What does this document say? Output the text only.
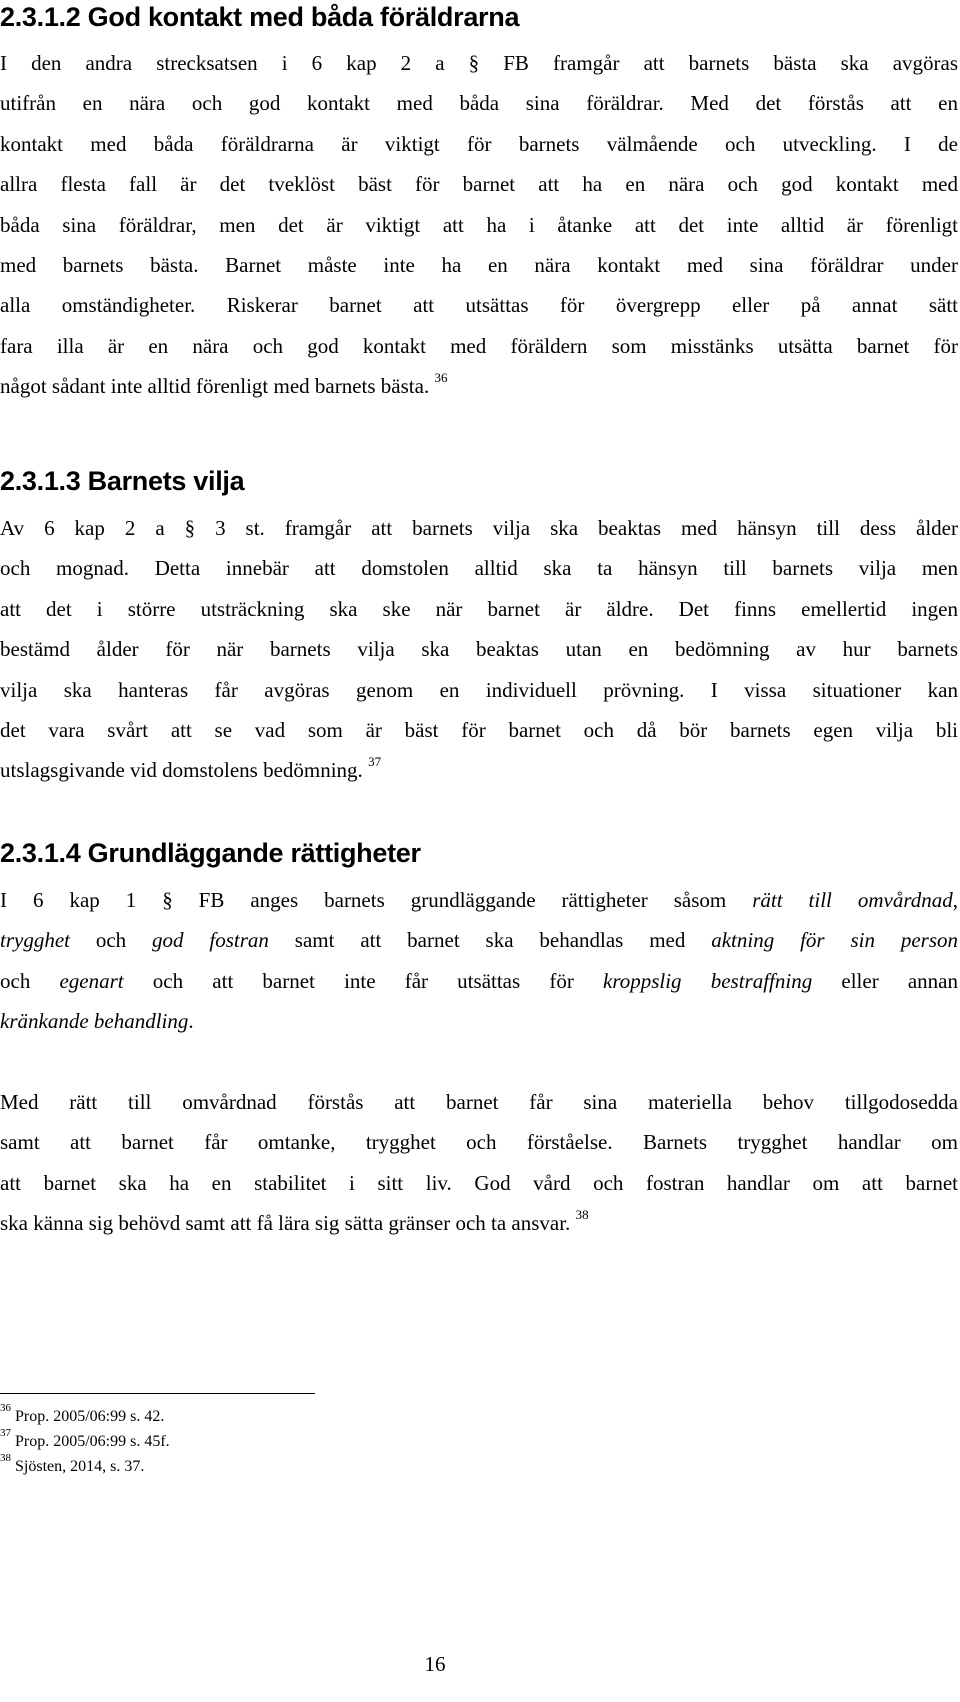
2.3.1.2 God kontakt med båda föräldrarna
I den andra strecksatsen i 6 kap 2 a § FB framgår att barnets bästa ska avgöras
utifrån en nära och god kontakt med båda sina föräldrar. Med det förstås att en
kontakt med båda föräldrarna är viktigt för barnets välmående och utveckling. I de
allra flesta fall är det tveklöst bäst för barnet att ha en nära och god kontakt med
båda sina föräldrar, men det är viktigt att ha i åtanke att det inte alltid är förenligt
med barnets bästa. Barnet måste inte ha en nära kontakt med sina föräldrar under
alla omständigheter. Riskerar barnet att utsättas för övergrepp eller på annat sätt
fara illa är en nära och god kontakt med föräldern som misstänks utsätta barnet för
något sådant inte alltid förenligt med barnets bästa. $^{36}$
2.3.1.3 Barnets vilja
Av 6 kap 2 a § 3 st. framgår att barnets vilja ska beaktas med hänsyn till dess ålder
och mognad. Detta innebär att domstolen alltid ska ta hänsyn till barnets vilja men
att det i större utsträckning ska ske när barnet är äldre. Det finns emellertid ingen
bestämd ålder för när barnets vilja ska beaktas utan en bedömning av hur barnets
vilja ska hanteras får avgöras genom en individuell prövning. I vissa situationer kan
det vara svårt att se vad som är bäst för barnet och då bör barnets egen vilja bli
utslagsgivande vid domstolens bedömning. $^{37}$
2.3.1.4 Grundläggande rättigheter
I 6 kap 1 § FB anges barnets grundläggande rättigheter såsom rätt till omvårdnad,
trygghet och god fostran samt att barnet ska behandlas med aktning för sin person
och egenart och att barnet inte får utsättas för kroppslig bestraffning eller annan
kränkande behandling.
Med rätt till omvårdnad förstås att barnet får sina materiella behov tillgodosedda
samt att barnet får omtanke, trygghet och förståelse. Barnets trygghet handlar om
att barnet ska ha en stabilitet i sitt liv. God vård och fostran handlar om att barnet
ska känna sig behövd samt att få lära sig sätta gränser och ta ansvar. $^{38}$
$^{36}$ Prop. 2005/06:99 s. 42.
$^{37}$ Prop. 2005/06:99 s. 45f.
$^{38}$ Sjösten, 2014, s. 37.
16
